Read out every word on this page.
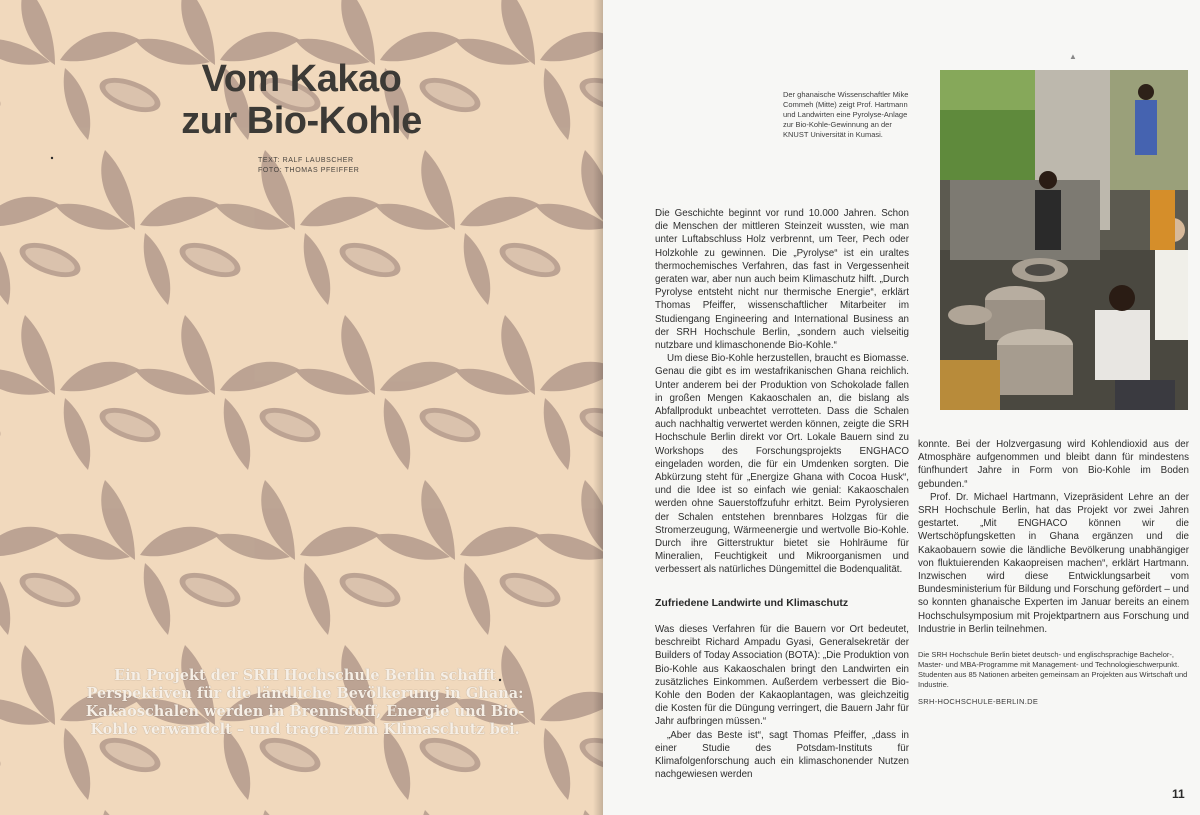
Vom Kakao
zur Bio-Kohle
TEXT: RALF LAUBSCHER
FOTO: THOMAS PFEIFFER
Ein Projekt der SRH Hochschule Berlin schafft Perspektiven für die ländliche Bevölkerung in Ghana: Kakaoschalen werden in Brennstoff, Energie und Bio-Kohle verwandelt – und tragen zum Klimaschutz bei.
▲
Der ghanaische Wissenschaftler Mike Commeh (Mitte) zeigt Prof. Hartmann und Landwirten eine Pyrolyse-Anlage zur Bio-Kohle-Gewinnung an der KNUST Universität in Kumasi.

Die Geschichte beginnt vor rund 10.000 Jahren. Schon die Menschen der mittleren Steinzeit wussten, wie man unter Luftabschluss Holz verbrennt, um Teer, Pech oder Holzkohle zu gewinnen. Die „Pyrolyse“ ist ein uraltes thermochemisches Verfahren, das fast in Vergessenheit geraten war, aber nun auch beim Klimaschutz hilft. „Durch Pyrolyse entsteht nicht nur thermische Energie“, erklärt Thomas Pfeiffer, wissenschaftlicher Mitarbeiter im Studiengang Engineering and International Business an der SRH Hochschule Berlin, „sondern auch vielseitig nutzbare und klimaschonende Bio-Kohle.“

Um diese Bio-Kohle herzustellen, braucht es Biomasse. Genau die gibt es im westafrikanischen Ghana reichlich. Unter anderem bei der Produktion von Schokolade fallen in großen Mengen Kakaoschalen an, die bislang als Abfallprodukt unbeachtet verrotteten. Dass die Schalen auch nachhaltig verwertet werden können, zeigte die SRH Hochschule Berlin direkt vor Ort. Lokale Bauern sind zu Workshops des Forschungsprojekts ENGHACO eingeladen worden, die für ein Umdenken sorgten. Die Abkürzung steht für „Energize Ghana with Cocoa Husk“, und die Idee ist so einfach wie genial: Kakaoschalen werden ohne Sauerstoffzufuhr erhitzt. Beim Pyrolysieren der Schalen entstehen brennbares Holzgas für die Stromerzeugung, Wärmeenergie und wertvolle Bio-Kohle. Durch ihre Gitterstruktur bietet sie Hohlräume für Mineralien, Feuchtigkeit und Mikroorganismen und verbessert als natürliches Düngemittel die Bodenqualität.

Zufriedene Landwirte und Klimaschutz

Was dieses Verfahren für die Bauern vor Ort bedeutet, beschreibt Richard Ampadu Gyasi, Generalsekretär der Builders of Today Association (BOTA): „Die Produktion von Bio-Kohle aus Kakaoschalen bringt den Landwirten ein zusätzliches Einkommen. Außerdem verbessert die Bio-Kohle den Boden der Kakaoplantagen, was gleichzeitig die Kosten für die Düngung verringert, die Bauern Jahr für Jahr aufbringen müssen.“

„Aber das Beste ist“, sagt Thomas Pfeiffer, „dass in einer Studie des Potsdam-Instituts für Klimafolgenforschung auch ein klimaschonender Nutzen nachgewiesen werden

konnte. Bei der Holzvergasung wird Kohlendioxid aus der Atmosphäre aufgenommen und bleibt dann für mindestens fünfhundert Jahre in Form von Bio-Kohle im Boden gebunden.“

Prof. Dr. Michael Hartmann, Vizepräsident Lehre an der SRH Hochschule Berlin, hat das Projekt vor zwei Jahren gestartet. „Mit ENGHACO können wir die Wertschöpfungsketten in Ghana ergänzen und die Kakaobauern sowie die ländliche Bevölkerung unabhängiger von fluktuierenden Kakaopreisen machen“, erklärt Hartmann. Inzwischen wird diese Entwicklungsarbeit vom Bundesministerium für Bildung und Forschung gefördert – und so konnten ghanaische Experten im Januar bereits an einem Hochschulsymposium mit Projektpartnern aus Forschung und Industrie in Berlin teilnehmen.

Die SRH Hochschule Berlin bietet deutsch- und englischsprachige Bachelor-, Master- und MBA-Programme mit Management- und Technologieschwerpunkt. Studenten aus 85 Nationen arbeiten gemeinsam an Projekten aus Wirtschaft und Industrie.
SRH-HOCHSCHULE-BERLIN.DE
11
